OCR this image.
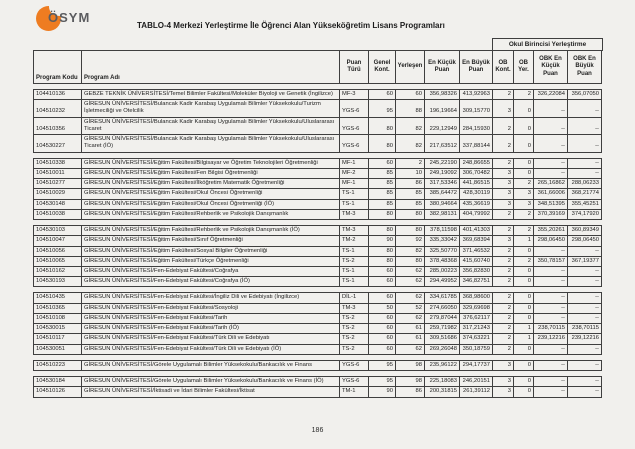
ÖSYM
TABLO-4 Merkezi Yerleştirme İle Öğrenci Alan Yükseköğretim Lisans Programları
Okul Birincisi Yerleştirme
Program Kodu	Program Adı	Puan Türü	Genel Kont.	Yerleşen	En Küçük Puan	En Büyük Puan	OB Kont.	OB Yer.	OBK En Küçük Puan	OBK En Büyük Puan
104410136	GEBZE TEKNİK ÜNİVERSİTESİ/Temel Bilimler Fakültesi/Moleküler Biyoloji ve Genetik (İngilizce)	MF-3	60	60	356,98326	413,92963	2	2	326,22084	356,07050
104510232	GİRESUN ÜNİVERSİTESİ/Bulancak Kadir Karabaş Uygulamalı Bilimler Yüksekokulu/Turizm İşletmeciliği ve Otelcilik	YGS-6	95	88	196,19664	309,15770	3	0	--	--
104510356	GİRESUN ÜNİVERSİTESİ/Bulancak Kadir Karabaş Uygulamalı Bilimler Yüksekokulu/Uluslararası Ticaret	YGS-6	80	82	229,12949	284,15930	2	0	--	--
104530227	GİRESUN ÜNİVERSİTESİ/Bulancak Kadir Karabaş Uygulamalı Bilimler Yüksekokulu/Uluslararası Ticaret (İÖ)	YGS-6	80	82	217,63512	337,88144	2	0	--	--
104510338	GİRESUN ÜNİVERSİTESİ/Eğitim Fakültesi/Bilgisayar ve Öğretim Teknolojileri Öğretmenliği	MF-1	60	2	245,22190	248,86655	2	0	--	--
104510011	GİRESUN ÜNİVERSİTESİ/Eğitim Fakültesi/Fen Bilgisi Öğretmenliği	MF-2	85	10	249,19092	306,70482	3	0	--	--
104510277	GİRESUN ÜNİVERSİTESİ/Eğitim Fakültesi/İlköğretim Matematik Öğretmenliği	MF-1	85	86	317,53346	441,86515	3	2	265,16862	288,06233
104510029	GİRESUN ÜNİVERSİTESİ/Eğitim Fakültesi/Okul Öncesi Öğretmenliği	TS-1	85	85	385,64472	428,30119	3	3	361,66006	368,21774
104530148	GİRESUN ÜNİVERSİTESİ/Eğitim Fakültesi/Okul Öncesi Öğretmenliği (İÖ)	TS-1	85	85	380,94664	435,36619	3	3	348,51395	355,45251
104510038	GİRESUN ÜNİVERSİTESİ/Eğitim Fakültesi/Rehberlik ve Psikolojik Danışmanlık	TM-3	80	80	382,98131	404,79992	2	2	370,39169	374,17920
104530103	GİRESUN ÜNİVERSİTESİ/Eğitim Fakültesi/Rehberlik ve Psikolojik Danışmanlık (İÖ)	TM-3	80	80	378,11598	401,41303	2	2	355,20261	360,89349
104510047	GİRESUN ÜNİVERSİTESİ/Eğitim Fakültesi/Sınıf Öğretmenliği	TM-2	90	92	335,33042	369,68394	3	1	298,06450	298,06450
104510056	GİRESUN ÜNİVERSİTESİ/Eğitim Fakültesi/Sosyal Bilgiler Öğretmenliği	TS-1	80	82	325,50770	371,46532	2	0	--	--
104510065	GİRESUN ÜNİVERSİTESİ/Eğitim Fakültesi/Türkçe Öğretmenliği	TS-2	80	80	378,48368	415,60740	2	2	350,78157	367,19377
104510162	GİRESUN ÜNİVERSİTESİ/Fen-Edebiyat Fakültesi/Coğrafya	TS-1	60	62	285,00223	356,82830	2	0	--	--
104530193	GİRESUN ÜNİVERSİTESİ/Fen-Edebiyat Fakültesi/Coğrafya (İÖ)	TS-1	60	62	294,49952	346,82751	2	0	--	--
104510435	GİRESUN ÜNİVERSİTESİ/Fen-Edebiyat Fakültesi/İngiliz Dili ve Edebiyatı (İngilizce)	DİL-1	60	62	334,61785	368,98600	2	0	--	--
104510365	GİRESUN ÜNİVERSİTESİ/Fen-Edebiyat Fakültesi/Sosyoloji	TM-3	50	52	274,66050	329,69698	2	0	--	--
104510108	GİRESUN ÜNİVERSİTESİ/Fen-Edebiyat Fakültesi/Tarih	TS-2	60	62	279,87044	376,62117	2	0	--	--
104530015	GİRESUN ÜNİVERSİTESİ/Fen-Edebiyat Fakültesi/Tarih (İÖ)	TS-2	60	61	259,71982	317,21243	2	1	238,70115	238,70115
104510117	GİRESUN ÜNİVERSİTESİ/Fen-Edebiyat Fakültesi/Türk Dili ve Edebiyatı	TS-2	60	61	309,51686	374,63221	2	1	239,12216	239,12216
104530051	GİRESUN ÜNİVERSİTESİ/Fen-Edebiyat Fakültesi/Türk Dili ve Edebiyatı (İÖ)	TS-2	60	62	269,26048	350,18759	2	0	--	--
104510223	GİRESUN ÜNİVERSİTESİ/Görele Uygulamalı Bilimler Yüksekokulu/Bankacılık ve Finans	YGS-6	95	98	235,96122	294,17737	3	0	--	--
104530184	GİRESUN ÜNİVERSİTESİ/Görele Uygulamalı Bilimler Yüksekokulu/Bankacılık ve Finans (İÖ)	YGS-6	95	98	225,18083	246,20151	3	0	--	--
104510126	GİRESUN ÜNİVERSİTESİ/İktisadi ve İdari Bilimler Fakültesi/İktisat	TM-1	90	86	200,31815	261,39112	3	0	--	--
186
